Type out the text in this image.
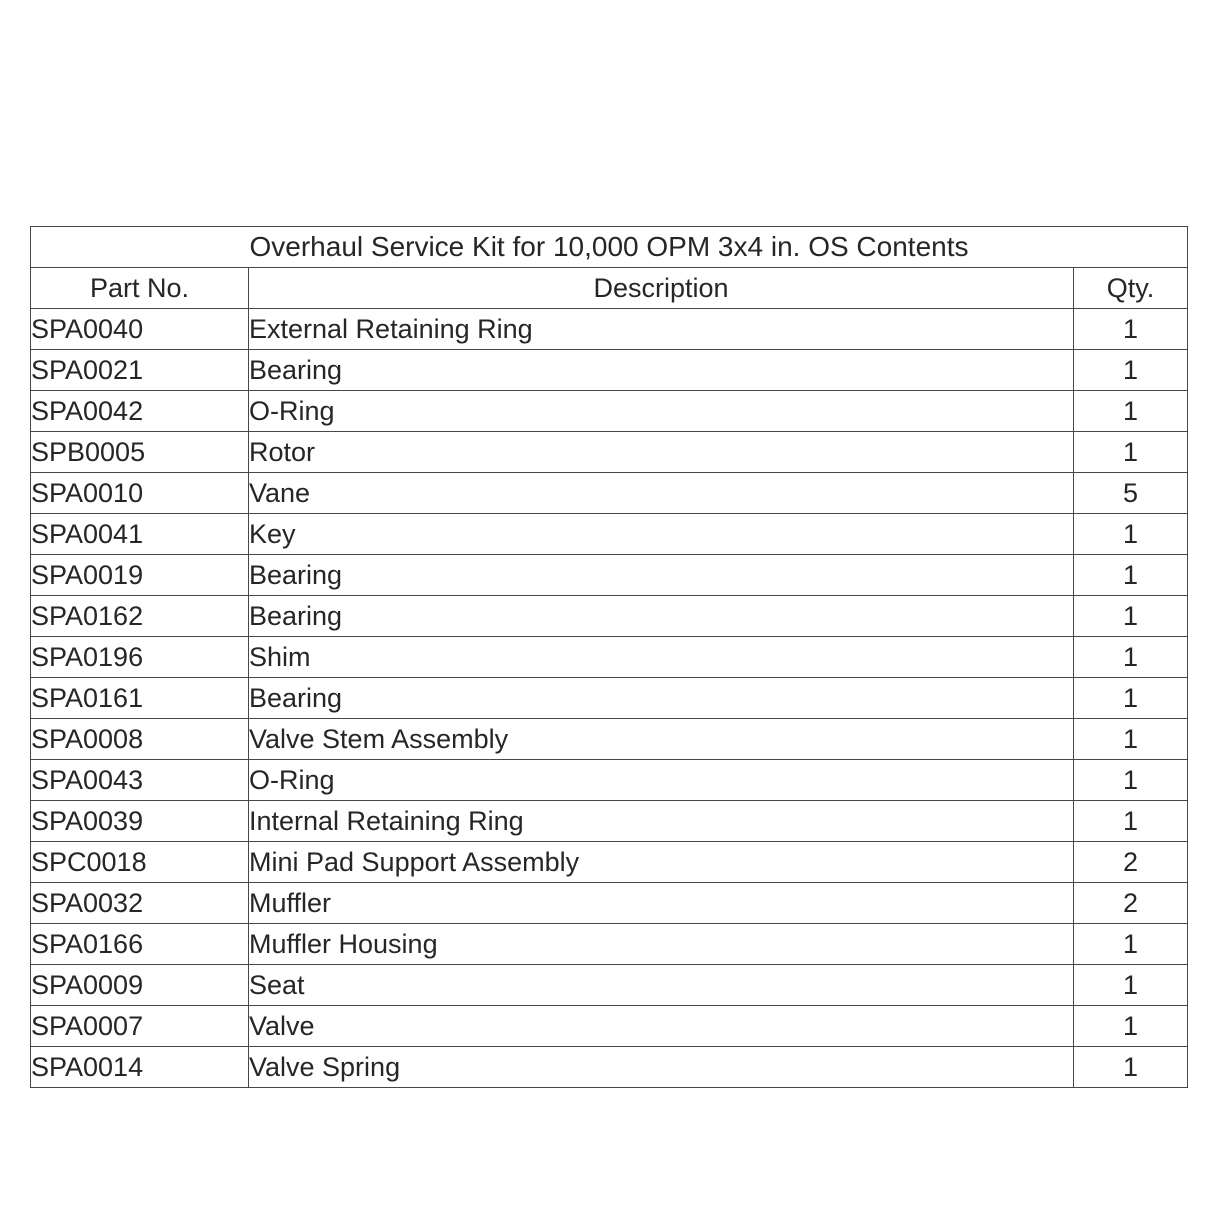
Overhaul Service Kit for 10,000 OPM 3x4 in. OS Contents		
Part No.	Description	Qty.
SPA0040	External Retaining Ring	1
SPA0021	Bearing	1
SPA0042	O-Ring	1
SPB0005	Rotor	1
SPA0010	Vane	5
SPA0041	Key	1
SPA0019	Bearing	1
SPA0162	Bearing	1
SPA0196	Shim	1
SPA0161	Bearing	1
SPA0008	Valve Stem Assembly	1
SPA0043	O-Ring	1
SPA0039	Internal Retaining Ring	1
SPC0018	Mini Pad Support Assembly	2
SPA0032	Muffler	2
SPA0166	Muffler Housing	1
SPA0009	Seat	1
SPA0007	Valve	1
SPA0014	Valve Spring	1
